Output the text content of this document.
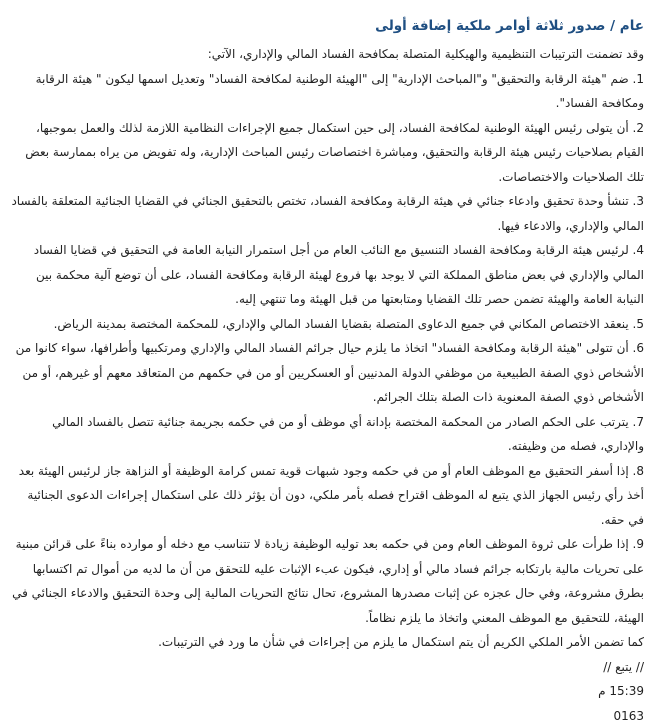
عام / صدور ثلاثة أوامر ملكية إضافة أولى

وقد تضمنت الترتيبات التنظيمية والهيكلية المتصلة بمكافحة الفساد المالي والإداري، الآتي:

1. ضم "هيئة الرقابة والتحقيق" و"المباحث الإدارية" إلى "الهيئة الوطنية لمكافحة الفساد" وتعديل اسمها ليكون " هيئة الرقابة ومكافحة الفساد".
2. أن يتولى رئيس الهيئة الوطنية لمكافحة الفساد، إلى حين استكمال جميع الإجراءات النظامية اللازمة لذلك والعمل بموجبها، القيام بصلاحيات رئيس هيئة الرقابة والتحقيق، ومباشرة اختصاصات رئيس المباحث الإدارية، وله تفويض من يراه بممارسة بعض تلك الصلاحيات والاختصاصات.
3. تنشأ وحدة تحقيق وادعاء جنائي في هيئة الرقابة ومكافحة الفساد، تختص بالتحقيق الجنائي في القضايا الجنائية المتعلقة بالفساد المالي والإداري، والادعاء فيها.
4. لرئيس هيئة الرقابة ومكافحة الفساد التنسيق مع النائب العام من أجل استمرار النيابة العامة في التحقيق في قضايا الفساد المالي والإداري في بعض مناطق المملكة التي لا يوجد بها فروع لهيئة الرقابة ومكافحة الفساد، على أن توضع آلية محكمة بين النيابة العامة والهيئة تضمن حصر تلك القضايا ومتابعتها من قبل الهيئة وما تنتهي إليه.
5. ينعقد الاختصاص المكاني في جميع الدعاوى المتصلة بقضايا الفساد المالي والإداري، للمحكمة المختصة بمدينة الرياض.
6. أن تتولى "هيئة الرقابة ومكافحة الفساد" اتخاذ ما يلزم حيال جرائم الفساد المالي والإداري ومرتكبيها وأطرافها، سواء كانوا من الأشخاص ذوي الصفة الطبيعية من موظفي الدولة المدنيين أو العسكريين أو من في حكمهم من المتعاقد معهم أو غيرهم، أو من الأشخاص ذوي الصفة المعنوية ذات الصلة بتلك الجرائم.
7. يترتب على الحكم الصادر من المحكمة المختصة بإدانة أي موظف أو من في حكمه بجريمة جنائية تتصل بالفساد المالي والإداري، فصله من وظيفته.
8. إذا أسفر التحقيق مع الموظف العام أو من في حكمه وجود شبهات قوية تمس كرامة الوظيفة أو النزاهة جاز لرئيس الهيئة بعد أخذ رأي رئيس الجهاز الذي يتبع له الموظف اقتراح فصله بأمر ملكي، دون أن يؤثر ذلك على استكمال إجراءات الدعوى الجنائية في حقه.
9. إذا طرأت على ثروة الموظف العام ومن في حكمه بعد توليه الوظيفة زيادة لا تتناسب مع دخله أو موارده بناءً على قرائن مبنية على تحريات مالية بارتكابه جرائم فساد مالي أو إداري، فيكون عبء الإثبات عليه للتحقق من أن ما لديه من أموال تم اكتسابها بطرق مشروعة، وفي حال عجزه عن إثبات مصدرها المشروع، تحال نتائج التحريات المالية إلى وحدة التحقيق والادعاء الجنائي في الهيئة، للتحقيق مع الموظف المعني واتخاذ ما يلزم نظاماً.

كما تضمن الأمر الملكي الكريم أن يتم استكمال ما يلزم من إجراءات في شأن ما ورد في الترتيبات.

// يتبع //

15:39 م

0163
